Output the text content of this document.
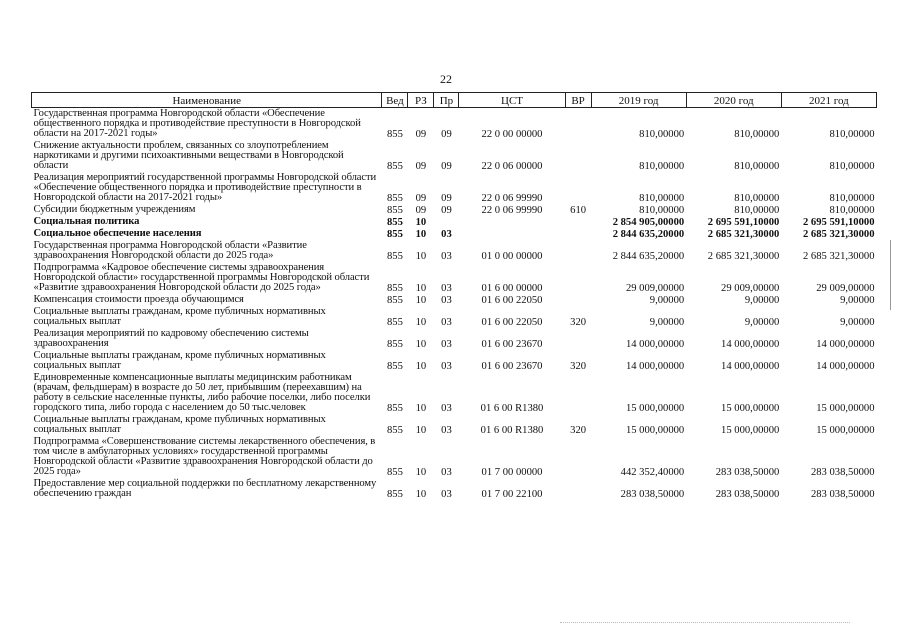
22
Наименование	Вед	РЗ	Пр	ЦСТ	ВР	2019 год	2020 год	2021 год
Государственная программа Новгородской области «Обеспечение общественного порядка и противодействие преступности в Новгородской области на 2017-2021 годы»	855	09	09	22 0 00 00000		810,00000	810,00000	810,00000
Снижение актуальности проблем, связанных со злоупотреблением наркотиками и другими психоактивными веществами в Новгородской области	855	09	09	22 0 06 00000		810,00000	810,00000	810,00000
Реализация мероприятий государственной программы Новгородской области «Обеспечение общественного порядка и противодействие преступности в Новгородской области на 2017-2021 годы»	855	09	09	22 0 06 99990		810,00000	810,00000	810,00000
Субсидии бюджетным учреждениям	855	09	09	22 0 06 99990	610	810,00000	810,00000	810,00000
Социальная политика	855	10				2 854 905,00000	2 695 591,10000	2 695 591,10000
Социальное обеспечение населения	855	10	03			2 844 635,20000	2 685 321,30000	2 685 321,30000
Государственная программа Новгородской области «Развитие здравоохранения Новгородской области до 2025 года»	855	10	03	01 0 00 00000		2 844 635,20000	2 685 321,30000	2 685 321,30000
Подпрограмма «Кадровое обеспечение системы здравоохранения Новгородской области» государственной программы Новгородской области «Развитие здравоохранения Новгородской области до 2025 года»	855	10	03	01 6 00 00000		29 009,00000	29 009,00000	29 009,00000
Компенсация стоимости проезда обучающимся	855	10	03	01 6 00 22050		9,00000	9,00000	9,00000
Социальные выплаты гражданам, кроме публичных нормативных социальных выплат	855	10	03	01 6 00 22050	320	9,00000	9,00000	9,00000
Реализация мероприятий по кадровому обеспечению системы здравоохранения	855	10	03	01 6 00 23670		14 000,00000	14 000,00000	14 000,00000
Социальные выплаты гражданам, кроме публичных нормативных социальных выплат	855	10	03	01 6 00 23670	320	14 000,00000	14 000,00000	14 000,00000
Единовременные компенсационные выплаты медицинским работникам (врачам, фельдшерам) в возрасте до 50 лет, прибывшим (переехавшим) на работу в сельские населенные пункты, либо рабочие поселки, либо поселки городского типа, либо города с населением до 50 тыс.человек	855	10	03	01 6 00 R1380		15 000,00000	15 000,00000	15 000,00000
Социальные выплаты гражданам, кроме публичных нормативных социальных выплат	855	10	03	01 6 00 R1380	320	15 000,00000	15 000,00000	15 000,00000
Подпрограмма «Совершенствование системы лекарственного обеспечения, в том числе в амбулаторных условиях» государственной программы Новгородской области «Развитие здравоохранения Новгородской области до 2025 года»	855	10	03	01 7 00 00000		442 352,40000	283 038,50000	283 038,50000
Предоставление мер социальной поддержки по бесплатному лекарственному обеспечению граждан	855	10	03	01 7 00 22100		283 038,50000	283 038,50000	283 038,50000
